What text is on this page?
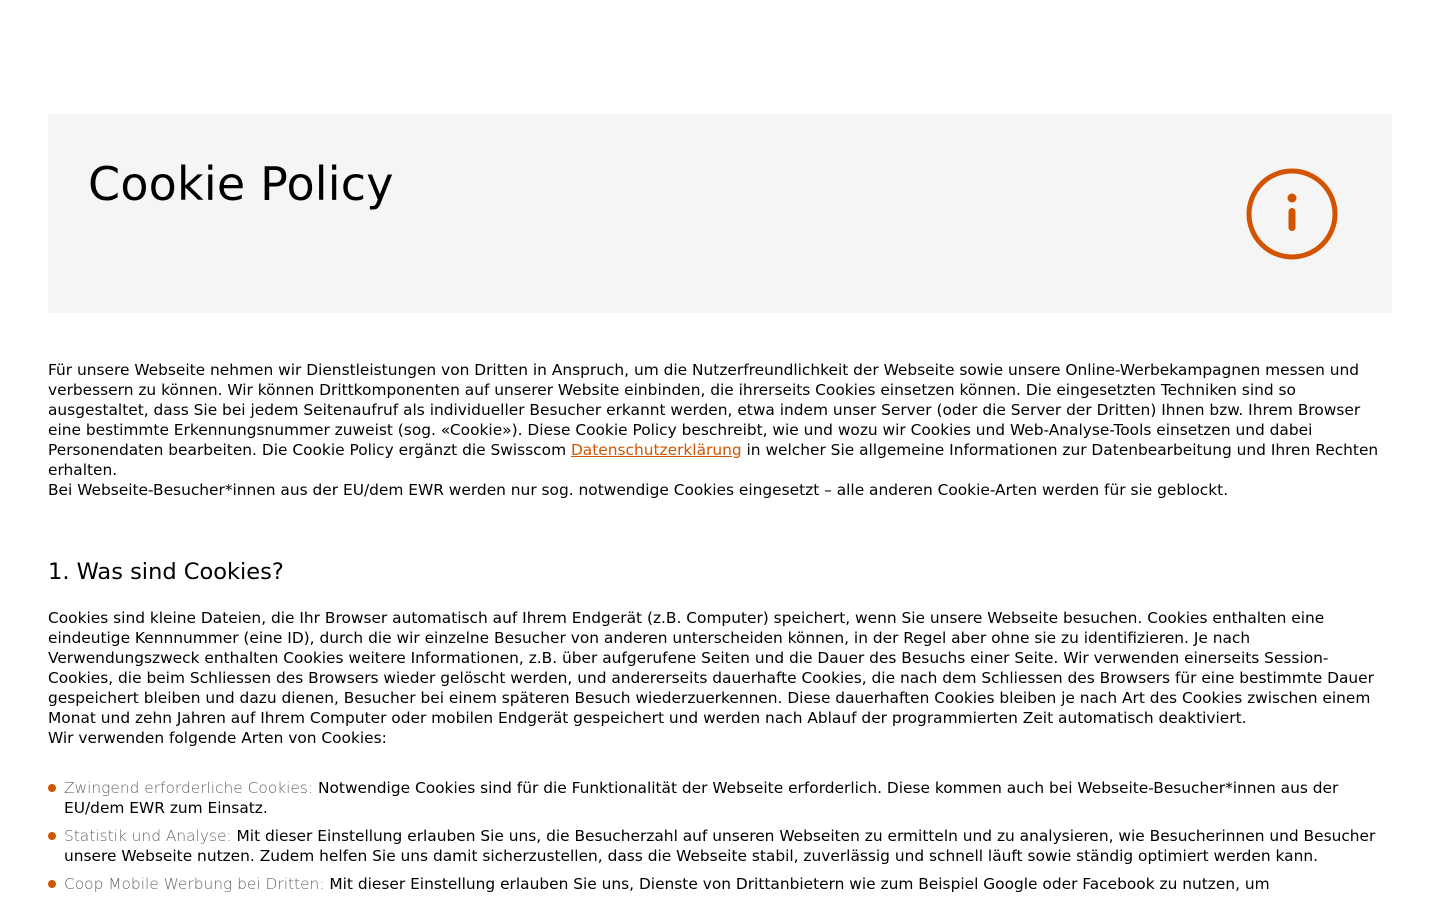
Cookie Policy

Für unsere Webseite nehmen wir Dienstleistungen von Dritten in Anspruch, um die Nutzerfreundlichkeit der Webseite sowie unsere Online-Werbekampagnen messen und verbessern zu können. Wir können Drittkomponenten auf unserer Website einbinden, die ihrerseits Cookies einsetzen können. Die eingesetzten Techniken sind so ausgestaltet, dass Sie bei jedem Seitenaufruf als individueller Besucher erkannt werden, etwa indem unser Server (oder die Server der Dritten) Ihnen bzw. Ihrem Browser eine bestimmte Erkennungsnummer zuweist (sog. «Cookie»). Diese Cookie Policy beschreibt, wie und wozu wir Cookies und Web-Analyse-Tools einsetzen und dabei Personendaten bearbeiten. Die Cookie Policy ergänzt die Swisscom Datenschutzerklärung in welcher Sie allgemeine Informationen zur Datenbearbeitung und Ihren Rechten erhalten.

Bei Webseite-Besucher*innen aus der EU/dem EWR werden nur sog. notwendige Cookies eingesetzt – alle anderen Cookie-Arten werden für sie geblockt.

1. Was sind Cookies?

Cookies sind kleine Dateien, die Ihr Browser automatisch auf Ihrem Endgerät (z.B. Computer) speichert, wenn Sie unsere Webseite besuchen. Cookies enthalten eine eindeutige Kennnummer (eine ID), durch die wir einzelne Besucher von anderen unterscheiden können, in der Regel aber ohne sie zu identifizieren. Je nach Verwendungszweck enthalten Cookies weitere Informationen, z.B. über aufgerufene Seiten und die Dauer des Besuchs einer Seite. Wir verwenden einerseits Session-Cookies, die beim Schliessen des Browsers wieder gelöscht werden, und andererseits dauerhafte Cookies, die nach dem Schliessen des Browsers für eine bestimmte Dauer gespeichert bleiben und dazu dienen, Besucher bei einem späteren Besuch wiederzuerkennen. Diese dauerhaften Cookies bleiben je nach Art des Cookies zwischen einem Monat und zehn Jahren auf Ihrem Computer oder mobilen Endgerät gespeichert und werden nach Ablauf der programmierten Zeit automatisch deaktiviert.

Wir verwenden folgende Arten von Cookies:

Zwingend erforderliche Cookies: Notwendige Cookies sind für die Funktionalität der Webseite erforderlich. Diese kommen auch bei Webseite-Besucher*innen aus der EU/dem EWR zum Einsatz.
Statistik und Analyse: Mit dieser Einstellung erlauben Sie uns, die Besucherzahl auf unseren Webseiten zu ermitteln und zu analysieren, wie Besucherinnen und Besucher unsere Webseite nutzen. Zudem helfen Sie uns damit sicherzustellen, dass die Webseite stabil, zuverlässig und schnell läuft sowie ständig optimiert werden kann.
Coop Mobile Werbung bei Dritten: Mit dieser Einstellung erlauben Sie uns, Dienste von Drittanbietern wie zum Beispiel Google oder Facebook zu nutzen, um
